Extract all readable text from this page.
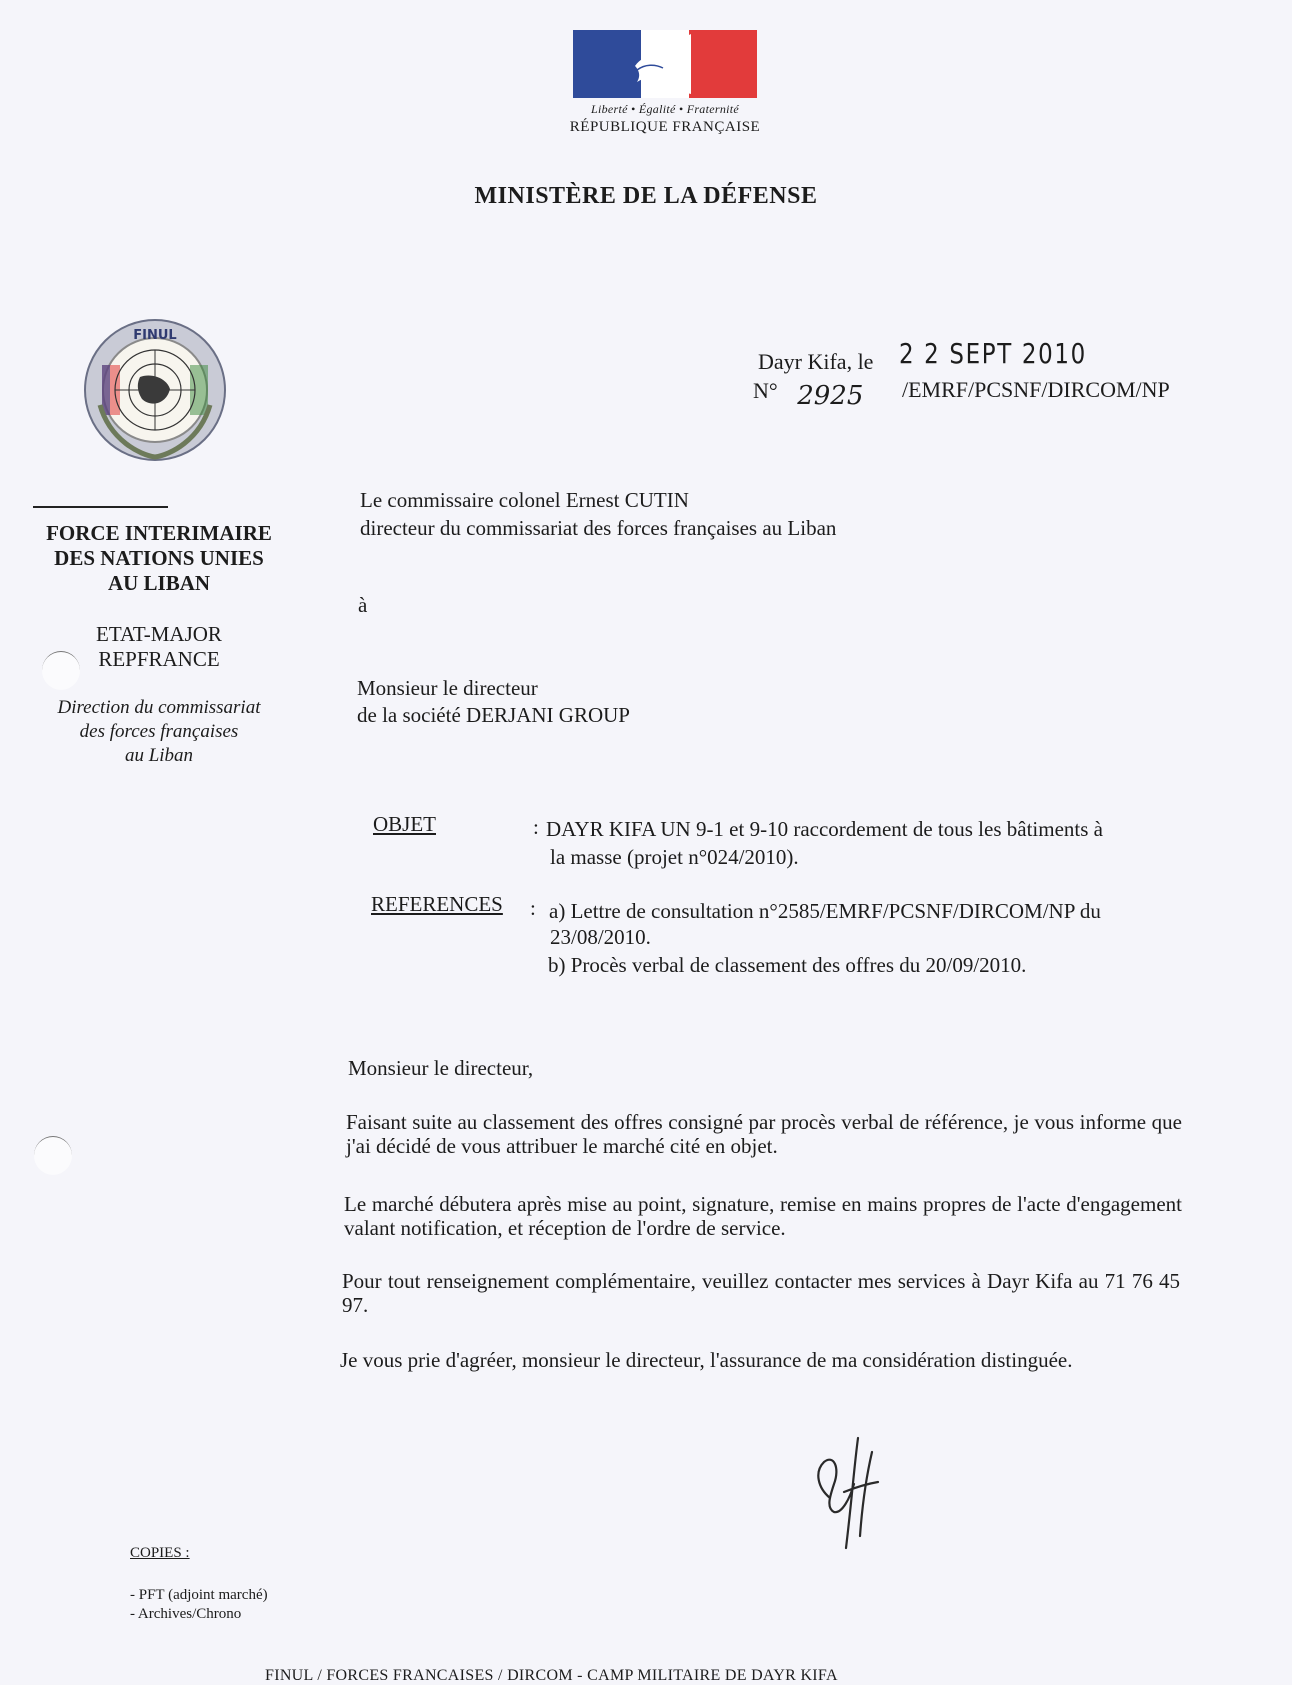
Liberté • Égalité • Fraternité
RÉPUBLIQUE FRANÇAISE
MINISTÈRE DE LA DÉFENSE
FINUL
FORCE INTERIMAIRE
DES NATIONS UNIES
AU LIBAN
ETAT-MAJOR
REPFRANCE
Direction du commissariat
des forces françaises
au Liban
Dayr Kifa, le 2 2 SEPT 2010
N° 2925 /EMRF/PCSNF/DIRCOM/NP
Le commissaire colonel Ernest CUTIN
directeur du commissariat des forces françaises au Liban
à
Monsieur le directeur
de la société DERJANI GROUP
OBJET	: DAYR KIFA UN 9-1 et 9-10 raccordement de tous les bâtiments à
la masse (projet n°024/2010).
REFERENCES : a) Lettre de consultation n°2585/EMRF/PCSNF/DIRCOM/NP du
23/08/2010.
b) Procès verbal de classement des offres du 20/09/2010.
Monsieur le directeur,
Faisant suite au classement des offres consigné par procès verbal de référence, je vous informe que j'ai décidé de vous attribuer le marché cité en objet.
Le marché débutera après mise au point, signature, remise en mains propres de l'acte d'engagement valant notification, et réception de l'ordre de service.
Pour tout renseignement complémentaire, veuillez contacter mes services à Dayr Kifa au 71 76 45 97.
Je vous prie d'agréer, monsieur le directeur, l'assurance de ma considération distinguée.
COPIES :
- PFT (adjoint marché)
- Archives/Chrono
FINUL / FORCES FRANCAISES / DIRCOM - CAMP MILITAIRE DE DAYR KIFA
